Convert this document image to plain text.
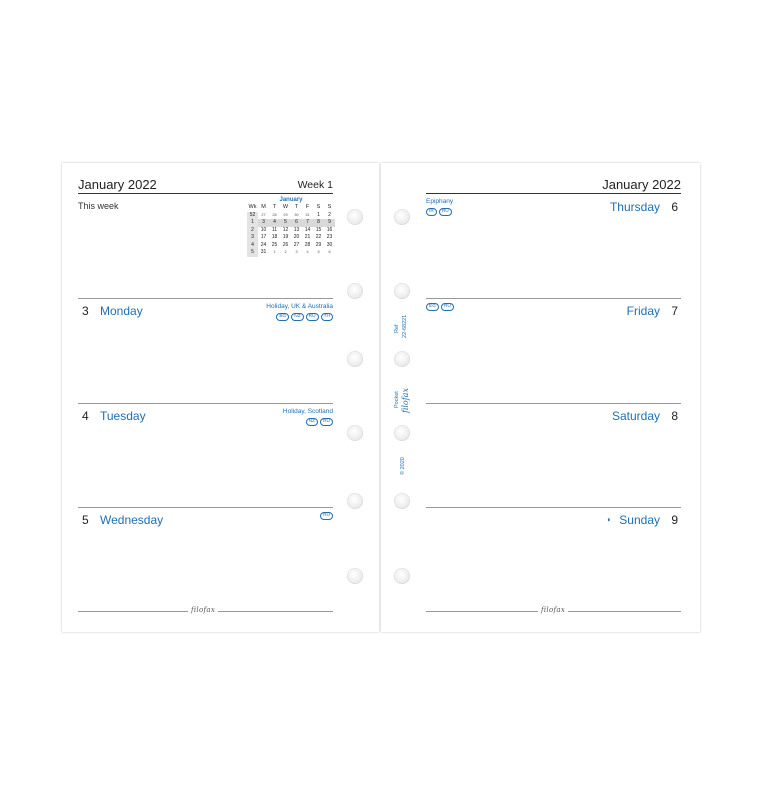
January 2022	Week 1
This week
January
Wk M	T	W	T	F	S	S
52	27	28	29	30	31	1	2
1	3	4	5	6	7	8	9
2	10	11	12	13	14	15	16
3	17	18	19	20	21	22	23
4	24	25	26	27	28	29	30
5	31	1	2	3	4	5	6
3 Monday	Holiday, UK & Australia
BG	NZ	RU	TH
4 Tuesday	Holiday, Scotland
NZ	RU
5 Wednesday	RU
filofax
January 2022
Epiphany
IR	RU	Thursday 6
EG	RU	Friday 7
Saturday 8
◐ Sunday 9
filofax
Ref 22-68221
Pocket filofax
© 2020
